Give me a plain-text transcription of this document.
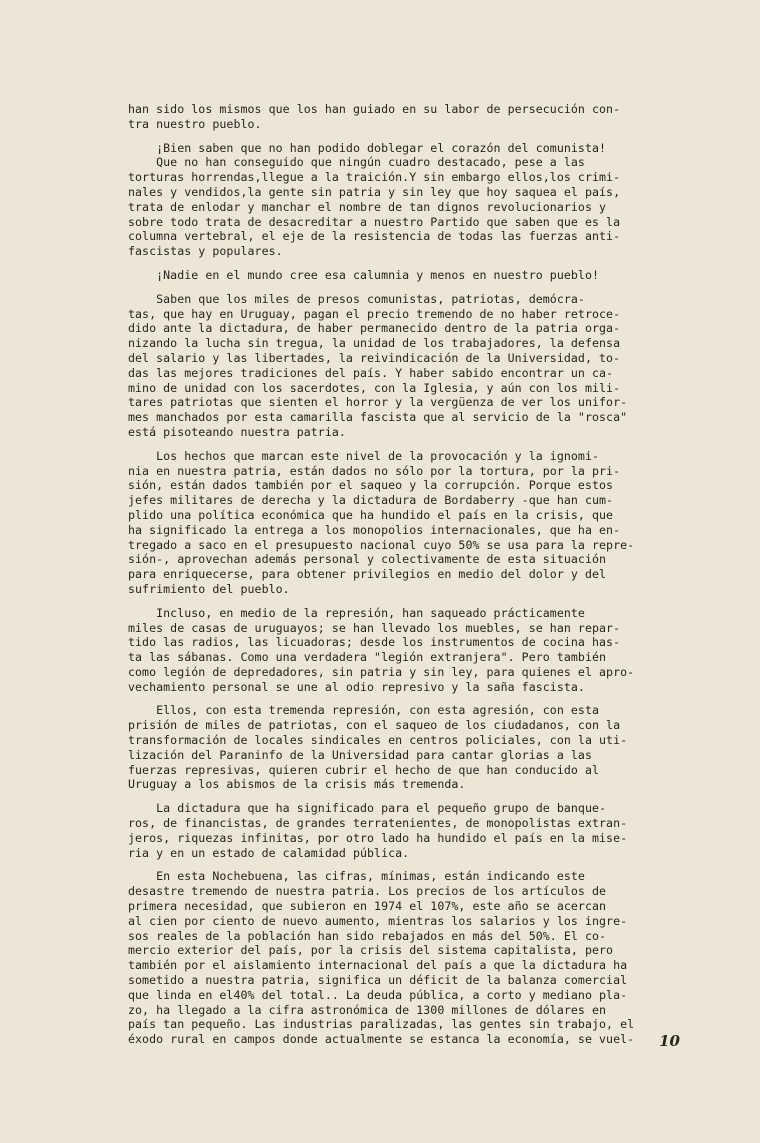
han sido los mismos que los han guiado en su labor de persecución con-
tra nuestro pueblo.
¡Bien saben que no han podido doblegar el corazón del comunista!
Que no han conseguido que ningún cuadro destacado, pese a las
torturas horrendas,llegue a la traición.Y sin embargo ellos,los crimi-
nales y vendidos,la gente sin patria y sin ley que hoy saquea el país,
trata de enlodar y manchar el nombre de tan dignos revolucionarios y
sobre todo trata de desacreditar a nuestro Partido que saben que es la
columna vertebral, el eje de la resistencia de todas las fuerzas anti-
fascistas y populares.
¡Nadie en el mundo cree esa calumnia y menos en nuestro pueblo!
Saben que los miles de presos comunistas, patriotas, demócra-
tas, que hay en Uruguay, pagan el precio tremendo de no haber retroce-
dido ante la dictadura, de haber permanecido dentro de la patria orga-
nizando la lucha sin tregua, la unidad de los trabajadores, la defensa
del salario y las libertades, la reivindicación de la Universidad, to-
das las mejores tradiciones del país. Y haber sabido encontrar un ca-
mino de unidad con los sacerdotes, con la Iglesia, y aún con los mili-
tares patriotas que sienten el horror y la vergüenza de ver los unifor-
mes manchados por esta camarilla fascista que al servicio de la "rosca"
está pisoteando nuestra patria.
Los hechos que marcan este nivel de la provocación y la ignomi-
nia en nuestra patria, están dados no sólo por la tortura, por la pri-
sión, están dados también por el saqueo y la corrupción. Porque estos
jefes militares de derecha y la dictadura de Bordaberry -que han cum-
plido una política económica que ha hundido el país en la crisis, que
ha significado la entrega a los monopolios internacionales, que ha en-
tregado a saco en el presupuesto nacional cuyo 50% se usa para la repre-
sión-, aprovechan además personal y colectivamente de esta situación
para enriquecerse, para obtener privilegios en medio del dolor y del
sufrimiento del pueblo.
Incluso, en medio de la represión, han saqueado prácticamente
miles de casas de uruguayos; se han llevado los muebles, se han repar-
tido las radios, las licuadoras; desde los instrumentos de cocina has-
ta las sábanas. Como una verdadera "legión extranjera". Pero también
como legión de depredadores, sin patria y sin ley, para quienes el apro-
vechamiento personal se une al odio represivo y la saña fascista.
Ellos, con esta tremenda represión, con esta agresión, con esta
prisión de miles de patriotas, con el saqueo de los ciudadanos, con la
transformación de locales sindicales en centros policiales, con la uti-
lización del Paraninfo de la Universidad para cantar glorias a las
fuerzas represivas, quieren cubrir el hecho de que han conducido al
Uruguay a los abismos de la crisis más tremenda.
La dictadura que ha significado para el pequeño grupo de banque-
ros, de financistas, de grandes terratenientes, de monopolistas extran-
jeros, riquezas infinitas, por otro lado ha hundido el país en la mise-
ria y en un estado de calamidad pública.
En esta Nochebuena, las cifras, mínimas, están indicando este
desastre tremendo de nuestra patria. Los precios de los artículos de
primera necesidad, que subieron en 1974 el 107%, este año se acercan
al cien por ciento de nuevo aumento, mientras los salarios y los ingre-
sos reales de la población han sido rebajados en más del 50%. El co-
mercio exterior del país, por la crisis del sistema capitalista, pero
también por el aislamiento internacional del país a que la dictadura ha
sometido a nuestra patria, significa un déficit de la balanza comercial
que linda en el40% del total.. La deuda pública, a corto y mediano pla-
zo, ha llegado a la cifra astronómica de 1300 millones de dólares en
país tan pequeño. Las industrias paralizadas, las gentes sin trabajo, el
éxodo rural en campos donde actualmente se estanca la economía, se vuel-	10
